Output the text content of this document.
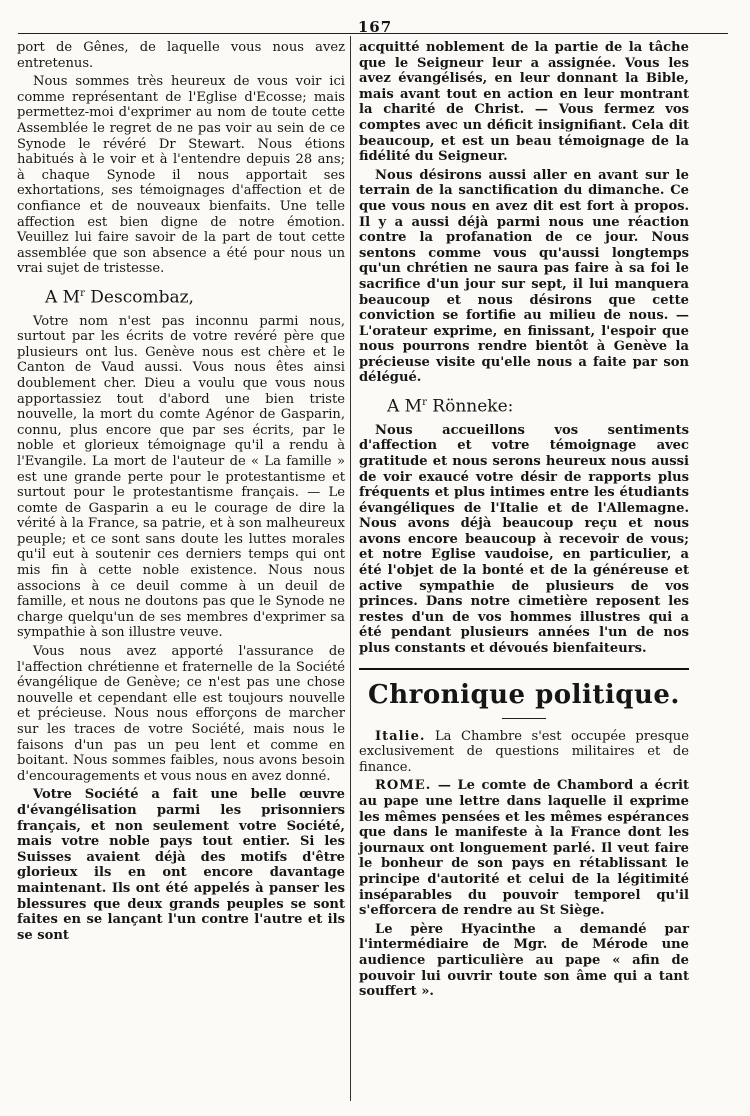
167

port de Gênes, de laquelle vous nous avez entretenus.

Nous sommes très heureux de vous voir ici comme représentant de l'Eglise d'Ecosse; mais permettez-moi d'exprimer au nom de toute cette Assemblée le regret de ne pas voir au sein de ce Synode le révéré Dr Stewart. Nous étions habitués à le voir et à l'entendre depuis 28 ans; à chaque Synode il nous apportait ses exhortations, ses témoignages d'affection et de confiance et de nouveaux bienfaits. Une telle affection est bien digne de notre émotion. Veuillez lui faire savoir de la part de tout cette assemblée que son absence a été pour nous un vrai sujet de tristesse.

A $M^r$ Descombaz,

Votre nom n'est pas inconnu parmi nous, surtout par les écrits de votre revéré père que plusieurs ont lus. Genève nous est chère et le Canton de Vaud aussi. Vous nous êtes ainsi doublement cher. Dieu a voulu que vous nous apportassiez tout d'abord une bien triste nouvelle, la mort du comte Agénor de Gasparin, connu, plus encore que par ses écrits, par le noble et glorieux témoignage qu'il a rendu à l'Evangile. La mort de l'auteur de « La famille » est une grande perte pour le protestantisme et surtout pour le protestantisme français. — Le comte de Gasparin a eu le courage de dire la vérité à la France, sa patrie, et à son malheureux peuple; et ce sont sans doute les luttes morales qu'il eut à soutenir ces derniers temps qui ont mis fin à cette noble existence. Nous nous associons à ce deuil comme à un deuil de famille, et nous ne doutons pas que le Synode ne charge quelqu'un de ses membres d'exprimer sa sympathie à son illustre veuve.

Vous nous avez apporté l'assurance de l'affection chrétienne et fraternelle de la Société évangélique de Genève; ce n'est pas une chose nouvelle et cependant elle est toujours nouvelle et précieuse. Nous nous efforçons de marcher sur les traces de votre Société, mais nous le faisons d'un pas un peu lent et comme en boitant. Nous sommes faibles, nous avons besoin d'encouragements et vous nous en avez donné.

Votre Société a fait une belle œuvre d'évangélisation parmi les prisonniers français, et non seulement votre Société, mais votre noble pays tout entier. Si les Suisses avaient déjà des motifs d'être glorieux ils en ont encore davantage maintenant. Ils ont été appelés à panser les blessures que deux grands peuples se sont faites en se lançant l'un contre l'autre et ils se sont

acquitté noblement de la partie de la tâche que le Seigneur leur a assignée. Vous les avez évangélisés, en leur donnant la Bible, mais avant tout en action en leur montrant la charité de Christ. — Vous fermez vos comptes avec un déficit insignifiant. Cela dit beaucoup, et est un beau témoignage de la fidélité du Seigneur.

Nous désirons aussi aller en avant sur le terrain de la sanctification du dimanche. Ce que vous nous en avez dit est fort à propos. Il y a aussi déjà parmi nous une réaction contre la profanation de ce jour. Nous sentons comme vous qu'aussi longtemps qu'un chrétien ne saura pas faire à sa foi le sacrifice d'un jour sur sept, il lui manquera beaucoup et nous désirons que cette conviction se fortifie au milieu de nous. — L'orateur exprime, en finissant, l'espoir que nous pourrons rendre bientôt à Genève la précieuse visite qu'elle nous a faite par son délégué.

A $M^r$ Rönneke:

Nous accueillons vos sentiments d'affection et votre témoignage avec gratitude et nous serons heureux nous aussi de voir exaucé votre désir de rapports plus fréquents et plus intimes entre les étudiants évangéliques de l'Italie et de l'Allemagne. Nous avons déjà beaucoup reçu et nous avons encore beaucoup à recevoir de vous; et notre Eglise vaudoise, en particulier, a été l'objet de la bonté et de la généreuse et active sympathie de plusieurs de vos princes. Dans notre cimetière reposent les restes d'un de vos hommes illustres qui a été pendant plusieurs années l'un de nos plus constants et dévoués bienfaiteurs.

Chronique politique.

Italie. La Chambre s'est occupée presque exclusivement de questions militaires et de finance.

ROME. — Le comte de Chambord a écrit au pape une lettre dans laquelle il exprime les mêmes pensées et les mêmes espérances que dans le manifeste à la France dont les journaux ont longuement parlé. Il veut faire le bonheur de son pays en rétablissant le principe d'autorité et celui de la légitimité inséparables du pouvoir temporel qu'il s'efforcera de rendre au St Siège.

Le père Hyacinthe a demandé par l'intermédiaire de Mgr. de Mérode une audience particulière au pape « afin de pouvoir lui ouvrir toute son âme qui a tant souffert ».
